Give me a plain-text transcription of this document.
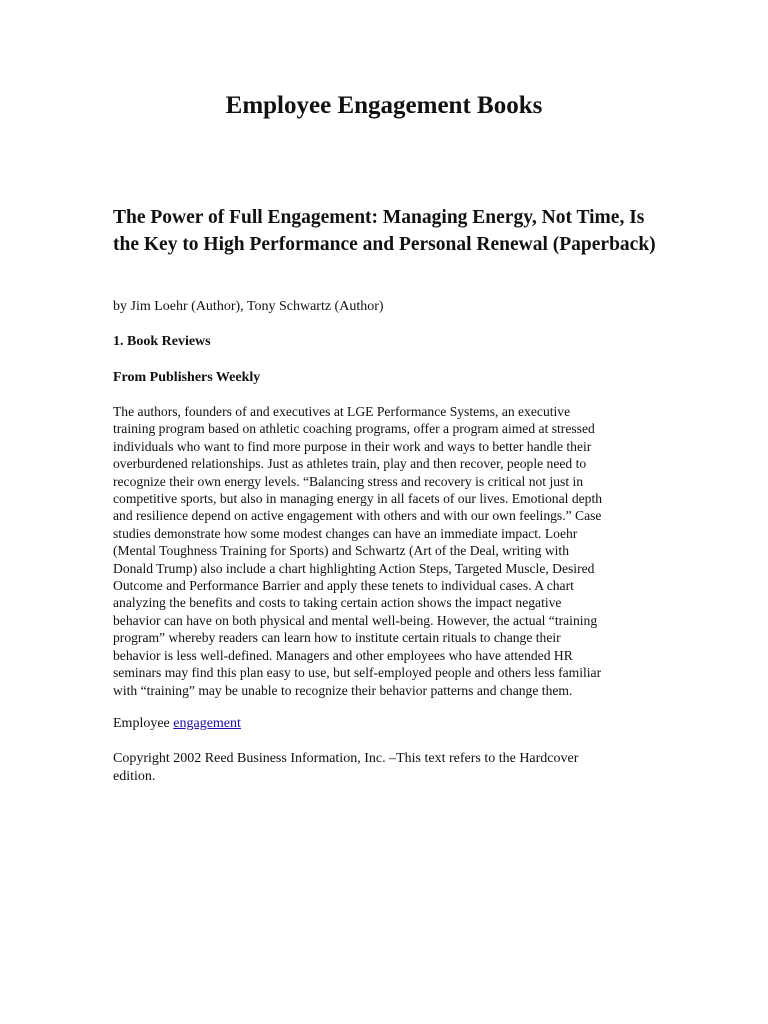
Employee Engagement Books
The Power of Full Engagement: Managing Energy, Not Time, Is the Key to High Performance and Personal Renewal (Paperback)

by Jim Loehr (Author), Tony Schwartz (Author)

1. Book Reviews

From Publishers Weekly

The authors, founders of and executives at LGE Performance Systems, an executive
training program based on athletic coaching programs, offer a program aimed at stressed
individuals who want to find more purpose in their work and ways to better handle their
overburdened relationships. Just as athletes train, play and then recover, people need to
recognize their own energy levels. “Balancing stress and recovery is critical not just in
competitive sports, but also in managing energy in all facets of our lives. Emotional depth
and resilience depend on active engagement with others and with our own feelings.” Case
studies demonstrate how some modest changes can have an immediate impact. Loehr
(Mental Toughness Training for Sports) and Schwartz (Art of the Deal, writing with
Donald Trump) also include a chart highlighting Action Steps, Targeted Muscle, Desired
Outcome and Performance Barrier and apply these tenets to individual cases. A chart
analyzing the benefits and costs to taking certain action shows the impact negative
behavior can have on both physical and mental well-being. However, the actual “training
program” whereby readers can learn how to institute certain rituals to change their
behavior is less well-defined. Managers and other employees who have attended HR
seminars may find this plan easy to use, but self-employed people and others less familiar
with “training” may be unable to recognize their behavior patterns and change them.

Employee engagement

Copyright 2002 Reed Business Information, Inc. –This text refers to the Hardcover
edition.
